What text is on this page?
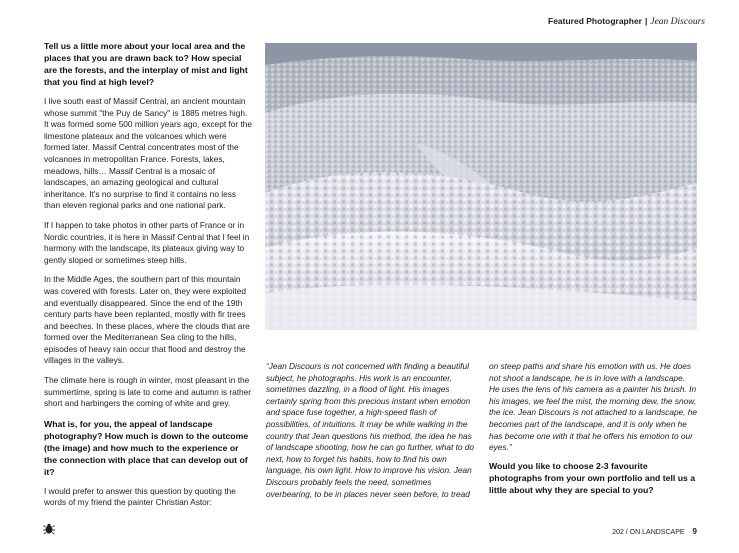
Featured Photographer | Jean Discours

Tell us a little more about your local area and the places that you are drawn back to? How special are the forests, and the interplay of mist and light that you find at high level?

I live south east of Massif Central, an ancient mountain whose summit "the Puy de Sancy" is 1885 metres high. It was formed some 500 million years ago, except for the limestone plateaux and the volcanoes which were formed later. Massif Central concentrates most of the volcanoes in metropolitan France. Forests, lakes, meadows, hills… Massif Central is a mosaic of landscapes, an amazing geological and cultural inheritance. It's no surprise to find it contains no less than eleven regional parks and one national park.

If I happen to take photos in other parts of France or in Nordic countries, it is here in Massif Central that I feel in harmony with the landscape, its plateaux giving way to gently sloped or sometimes steep hills.

In the Middle Ages, the southern part of this mountain was covered with forests. Later on, they were exploited and eventually disappeared. Since the end of the 19th century parts have been replanted, mostly with fir trees and beeches. In these places, where the clouds that are formed over the Mediterranean Sea cling to the hills, episodes of heavy rain occur that flood and destroy the villages in the valleys.

The climate here is rough in winter, most pleasant in the summertime, spring is late to come and autumn is rather short and harbingers the coming of white and grey.

What is, for you, the appeal of landscape photography? How much is down to the outcome (the image) and how much to the experience or the connection with place that can develop out of it?

I would prefer to answer this question by quoting the words of my friend the painter Christian Astor:

“Jean Discours is not concerned with finding a beautiful subject, he photographs. His work is an encounter, sometimes dazzling, in a flood of light. His images certainly spring from this precious instant when emotion and space fuse together, a high-speed flash of possibilities, of intuitions. It may be while walking in the country that Jean questions his method, the idea he has of landscape shooting, how he can go further, what to do next, how to forget his habits, how to find his own language, his own light. How to improve his vision. Jean Discours probably feels the need, sometimes overbearing, to be in places never seen before, to tread

on steep paths and share his emotion with us. He does not shoot a landscape, he is in love with a landscape. He uses the lens of his camera as a painter his brush. In his images, we feel the mist, the morning dew, the snow, the ice. Jean Discours is not attached to a landscape, he becomes part of the landscape, and it is only when he has become one with it that he offers his emotion to our eyes.”

Would you like to choose 2-3 favourite photographs from your own portfolio and tell us a little about why they are special to you?

202 / ON LANDSCAPE 9
